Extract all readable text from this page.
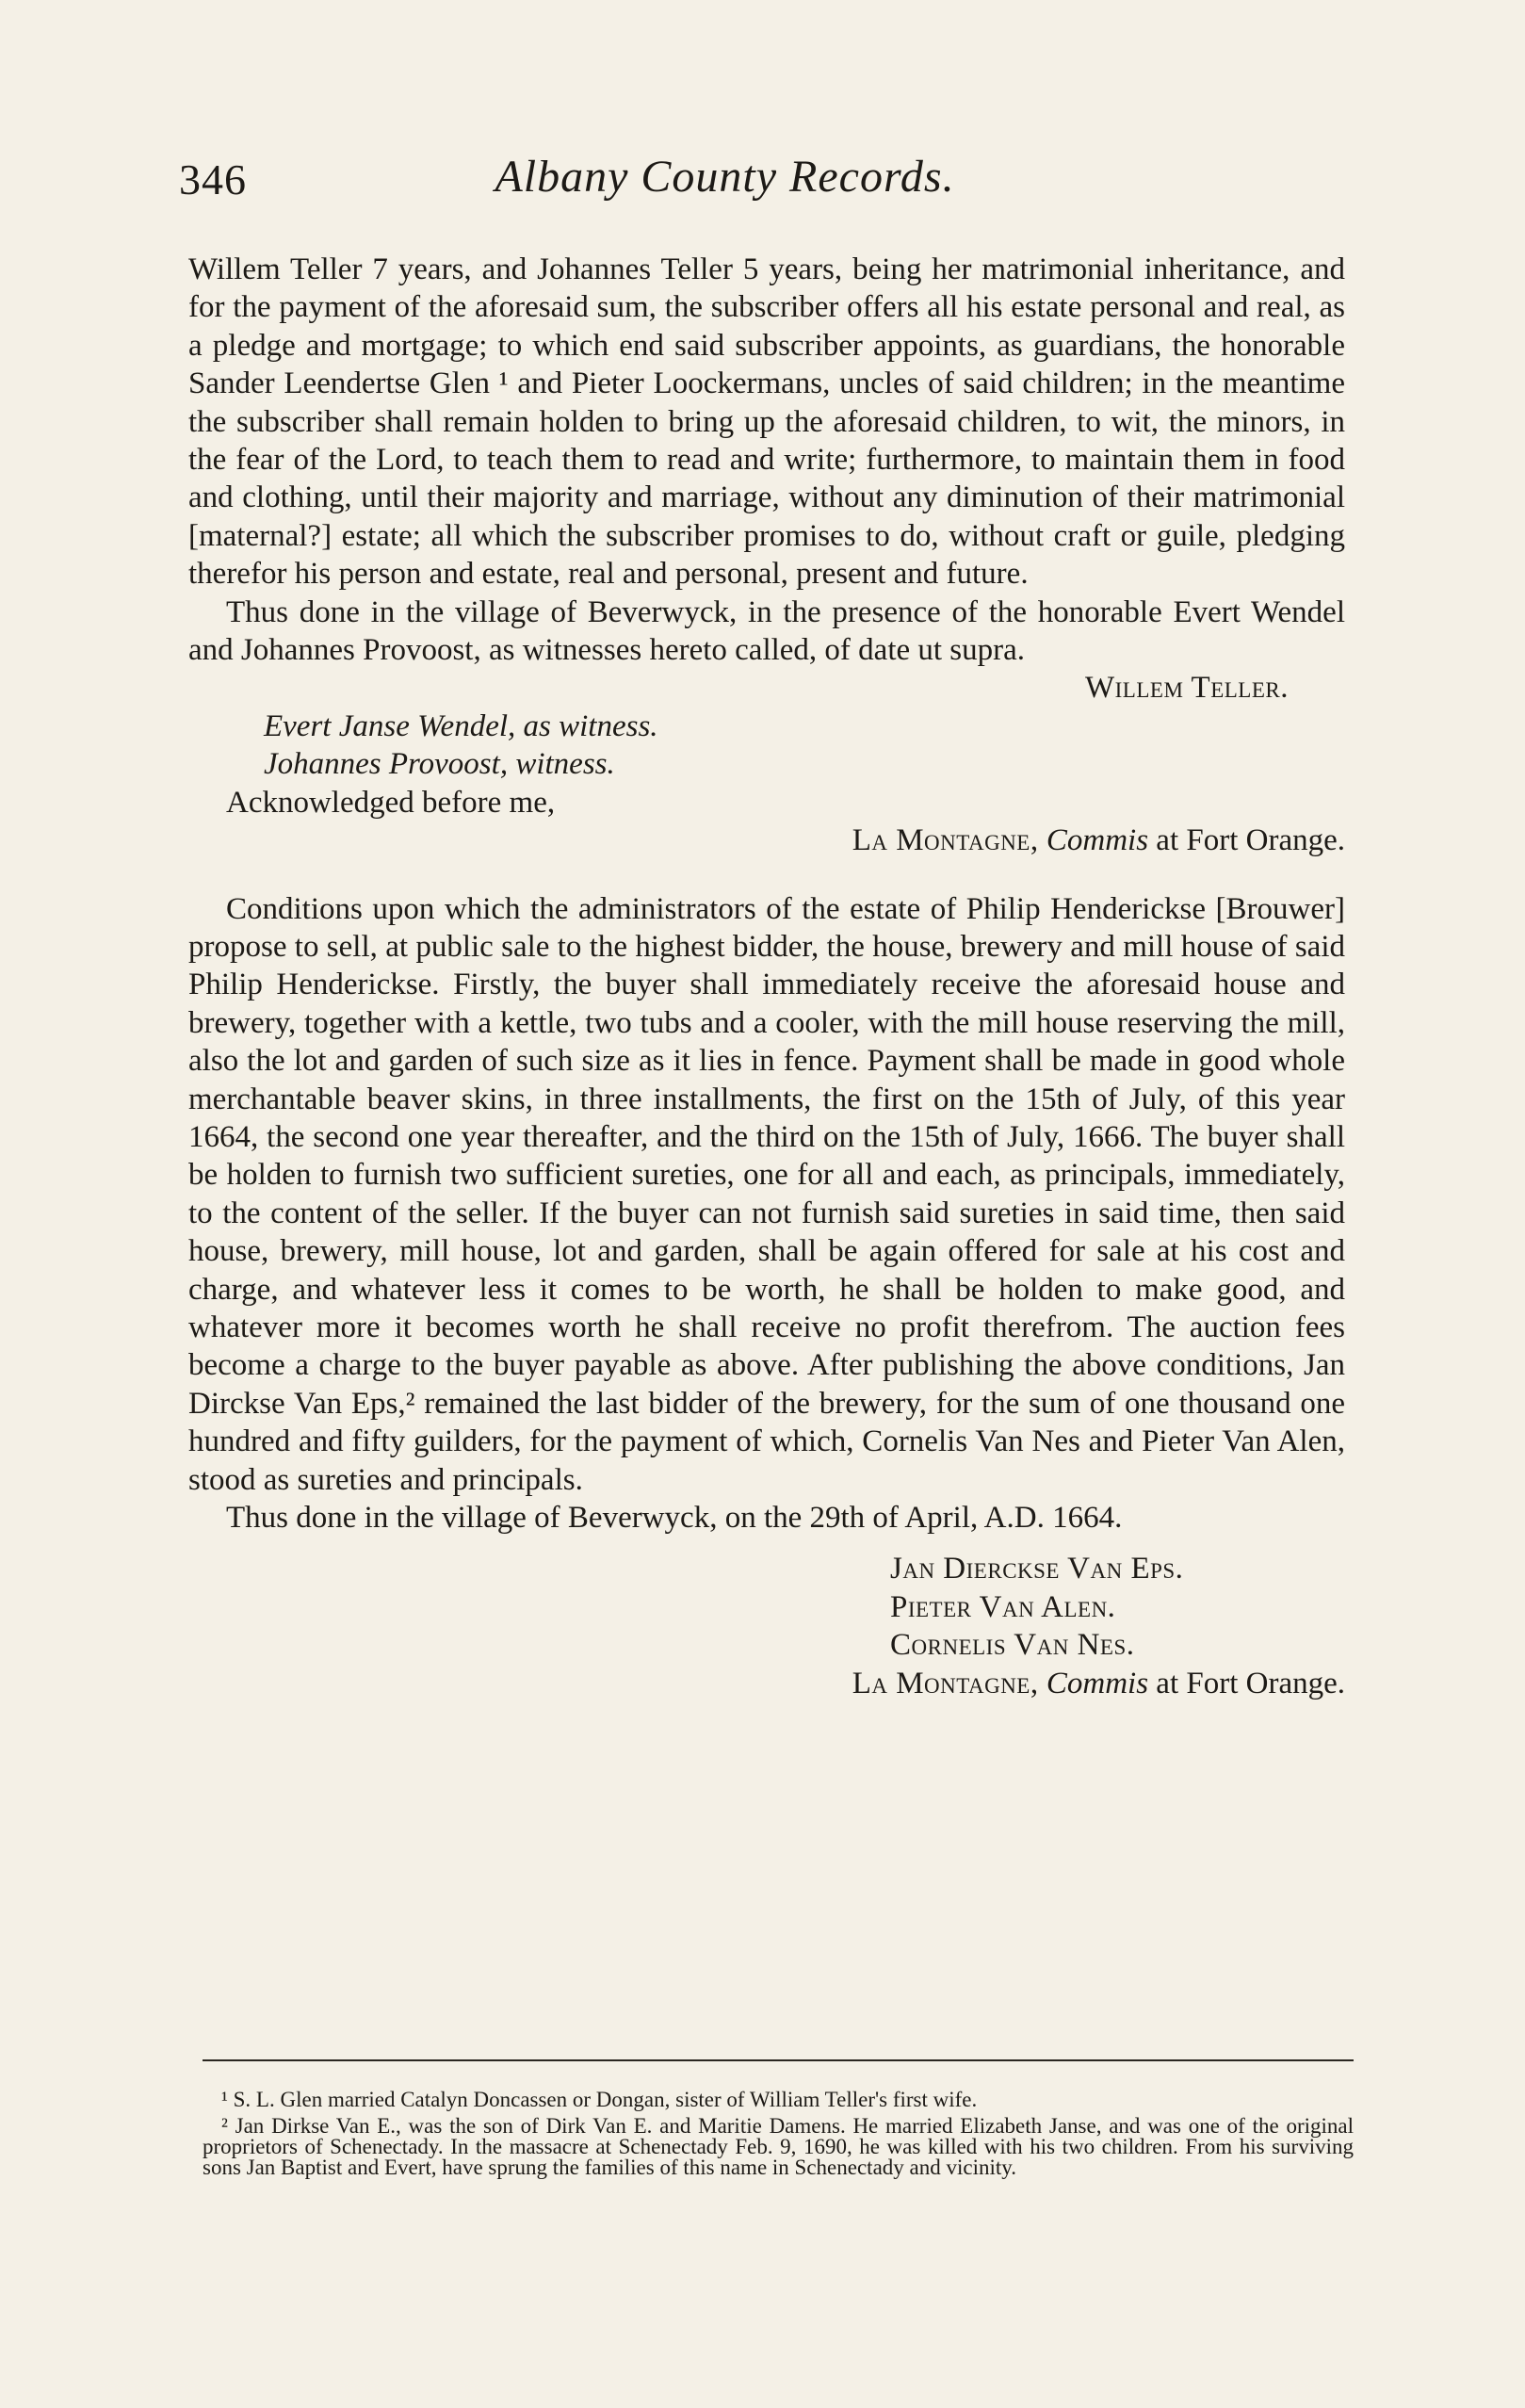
346	Albany County Records.

Willem Teller 7 years, and Johannes Teller 5 years, being her matrimonial inheritance, and for the payment of the aforesaid sum, the subscriber offers all his estate personal and real, as a pledge and mortgage; to which end said subscriber appoints, as guardians, the honorable Sander Leendertse Glen ¹ and Pieter Loockermans, uncles of said children; in the meantime the subscriber shall remain holden to bring up the aforesaid children, to wit, the minors, in the fear of the Lord, to teach them to read and write; furthermore, to maintain them in food and clothing, until their majority and marriage, without any diminution of their matrimonial [maternal?] estate; all which the subscriber promises to do, without craft or guile, pledging therefor his person and estate, real and personal, present and future.

Thus done in the village of Beverwyck, in the presence of the honorable Evert Wendel and Johannes Provoost, as witnesses hereto called, of date ut supra.

Willem Teller.

Evert Janse Wendel, as witness.

Johannes Provoost, witness.

Acknowledged before me,

La Montagne, Commis at Fort Orange.

Conditions upon which the administrators of the estate of Philip Henderickse [Brouwer] propose to sell, at public sale to the highest bidder, the house, brewery and mill house of said Philip Henderickse. Firstly, the buyer shall immediately receive the aforesaid house and brewery, together with a kettle, two tubs and a cooler, with the mill house reserving the mill, also the lot and garden of such size as it lies in fence. Payment shall be made in good whole merchantable beaver skins, in three installments, the first on the 15th of July, of this year 1664, the second one year thereafter, and the third on the 15th of July, 1666. The buyer shall be holden to furnish two sufficient sureties, one for all and each, as principals, immediately, to the content of the seller. If the buyer can not furnish said sureties in said time, then said house, brewery, mill house, lot and garden, shall be again offered for sale at his cost and charge, and whatever less it comes to be worth, he shall be holden to make good, and whatever more it becomes worth he shall receive no profit therefrom. The auction fees become a charge to the buyer payable as above. After publishing the above conditions, Jan Dirckse Van Eps,² remained the last bidder of the brewery, for the sum of one thousand one hundred and fifty guilders, for the payment of which, Cornelis Van Nes and Pieter Van Alen, stood as sureties and principals.

Thus done in the village of Beverwyck, on the 29th of April, A.D. 1664.

Jan Dierckse Van Eps.

Pieter Van Alen.

Cornelis Van Nes.

La Montagne, Commis at Fort Orange.

¹ S. L. Glen married Catalyn Doncassen or Dongan, sister of William Teller's first wife.

² Jan Dirkse Van E., was the son of Dirk Van E. and Maritie Damens. He married Elizabeth Janse, and was one of the original proprietors of Schenectady. In the massacre at Schenectady Feb. 9, 1690, he was killed with his two children. From his surviving sons Jan Baptist and Evert, have sprung the families of this name in Schenectady and vicinity.
